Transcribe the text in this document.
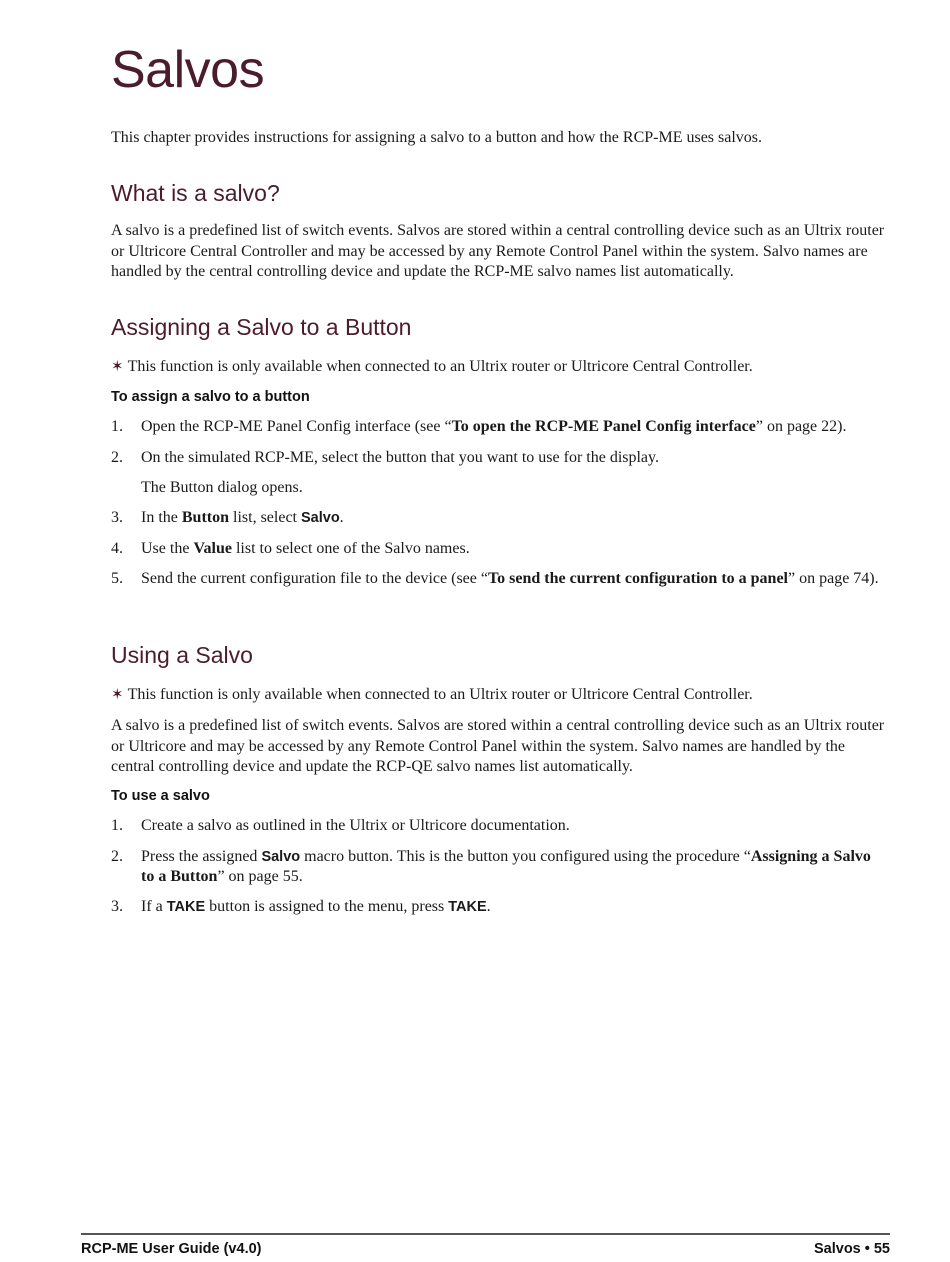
Salvos

This chapter provides instructions for assigning a salvo to a button and how the RCP-ME uses salvos.

What is a salvo?

A salvo is a predefined list of switch events. Salvos are stored within a central controlling device such as an Ultrix router or Ultricore Central Controller and may be accessed by any Remote Control Panel within the system. Salvo names are handled by the central controlling device and update the RCP-ME salvo names list automatically.

Assigning a Salvo to a Button

✶ This function is only available when connected to an Ultrix router or Ultricore Central Controller.

To assign a salvo to a button

1. Open the RCP-ME Panel Config interface (see “To open the RCP-ME Panel Config interface” on page 22).
2. On the simulated RCP-ME, select the button that you want to use for the display.
The Button dialog opens.
3. In the Button list, select Salvo.
4. Use the Value list to select one of the Salvo names.
5. Send the current configuration file to the device (see “To send the current configuration to a panel” on page 74).
Using a Salvo

✶ This function is only available when connected to an Ultrix router or Ultricore Central Controller.

A salvo is a predefined list of switch events. Salvos are stored within a central controlling device such as an Ultrix router or Ultricore and may be accessed by any Remote Control Panel within the system. Salvo names are handled by the central controlling device and update the RCP-QE salvo names list automatically.

To use a salvo

1. Create a salvo as outlined in the Ultrix or Ultricore documentation.
2. Press the assigned Salvo macro button. This is the button you configured using the procedure “Assigning a Salvo to a Button” on page 55.
3. If a TAKE button is assigned to the menu, press TAKE.
RCP-ME User Guide (v4.0)	Salvos • 55
